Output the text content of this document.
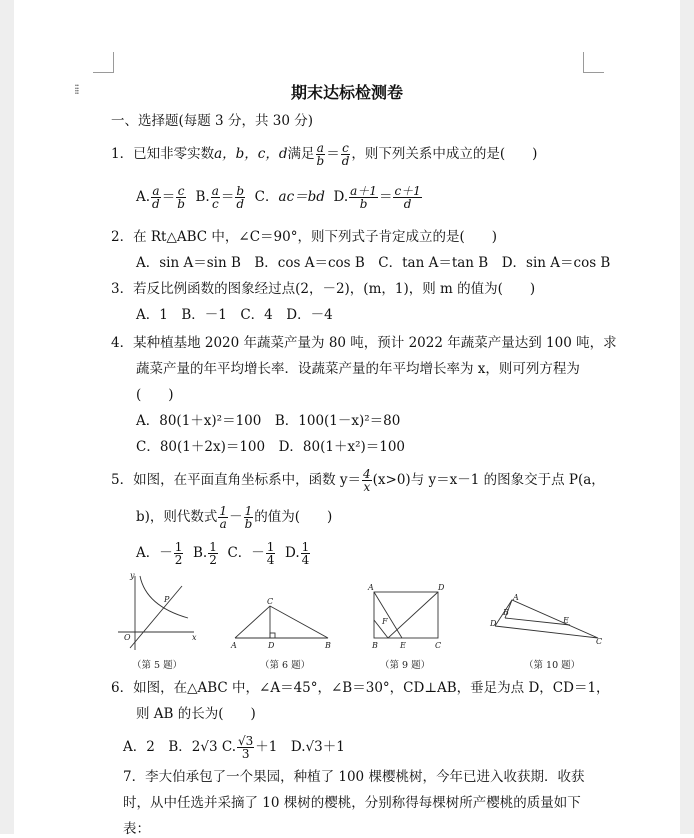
⁞⁞	期末达标检测卷
一、选择题(每题 3 分，共 30 分)
1．已知非零实数a，b，c，d满足 $\frac{a}{b} = \frac{c}{d}$ ，则下列关系中成立的是(　　)
A. $\frac{a}{d} = \frac{c}{b} B$. $\frac{a}{c} = \frac{b}{d}$ C．ac＝bd D. $\frac{a+1}{b} = \frac{c+1}{d}$
2．在 Rt△ABC 中，∠C＝90°，则下列式子肯定成立的是(　　)
A．sin A＝sin B　B．cos A＝cos B　C．tan A＝tan B　D．sin A＝cos B
3．若反比例函数的图象经过点(2，－2)，(m，1)，则 m 的值为(　　)
A．1　B．－1　C．4　D．－4
4．某种植基地 2020 年蔬菜产量为 80 吨，预计 2022 年蔬菜产量达到 100 吨，求
蔬菜产量的年平均增长率．设蔬菜产量的年平均增长率为 x，则可列方程为
(　　)
A．80(1＋x)²＝100　B．100(1－x)²＝80
C．80(1＋2x)＝100　D．80(1＋x²)＝100
5．如图，在平面直角坐标系中，函数 $y= \frac{4}{x} (x>0)$与 y＝x－1 的图象交于点 P(a，
b)，则代数式 $\frac{1}{a} - \frac{1}{b}$ 的值为(　　)
A．－ $\frac{1}{2} B$. $\frac{1}{2}$ C．－ $\frac{1}{4} D$. $\frac{1}{4}$
y
x
O
P	C
A	D	B
A	D
F
B	E	C
A
B
D	E
C
（第 5 题）	（第 6 题）	（第 9 题）	（第 10 题）
6．如图，在△ABC 中，∠A＝45°，∠B＝30°，CD⊥AB，垂足为点 D，CD＝1，
则 AB 的长为(　　)
A．2　B．2√3 C. $\frac{√3}{3} +1$　D.√3＋1
7．李大伯承包了一个果园，种植了 100 棵樱桃树，今年已进入收获期．收获
时，从中任选并采摘了 10 棵树的樱桃，分别称得每棵树所产樱桃的质量如下
表：
